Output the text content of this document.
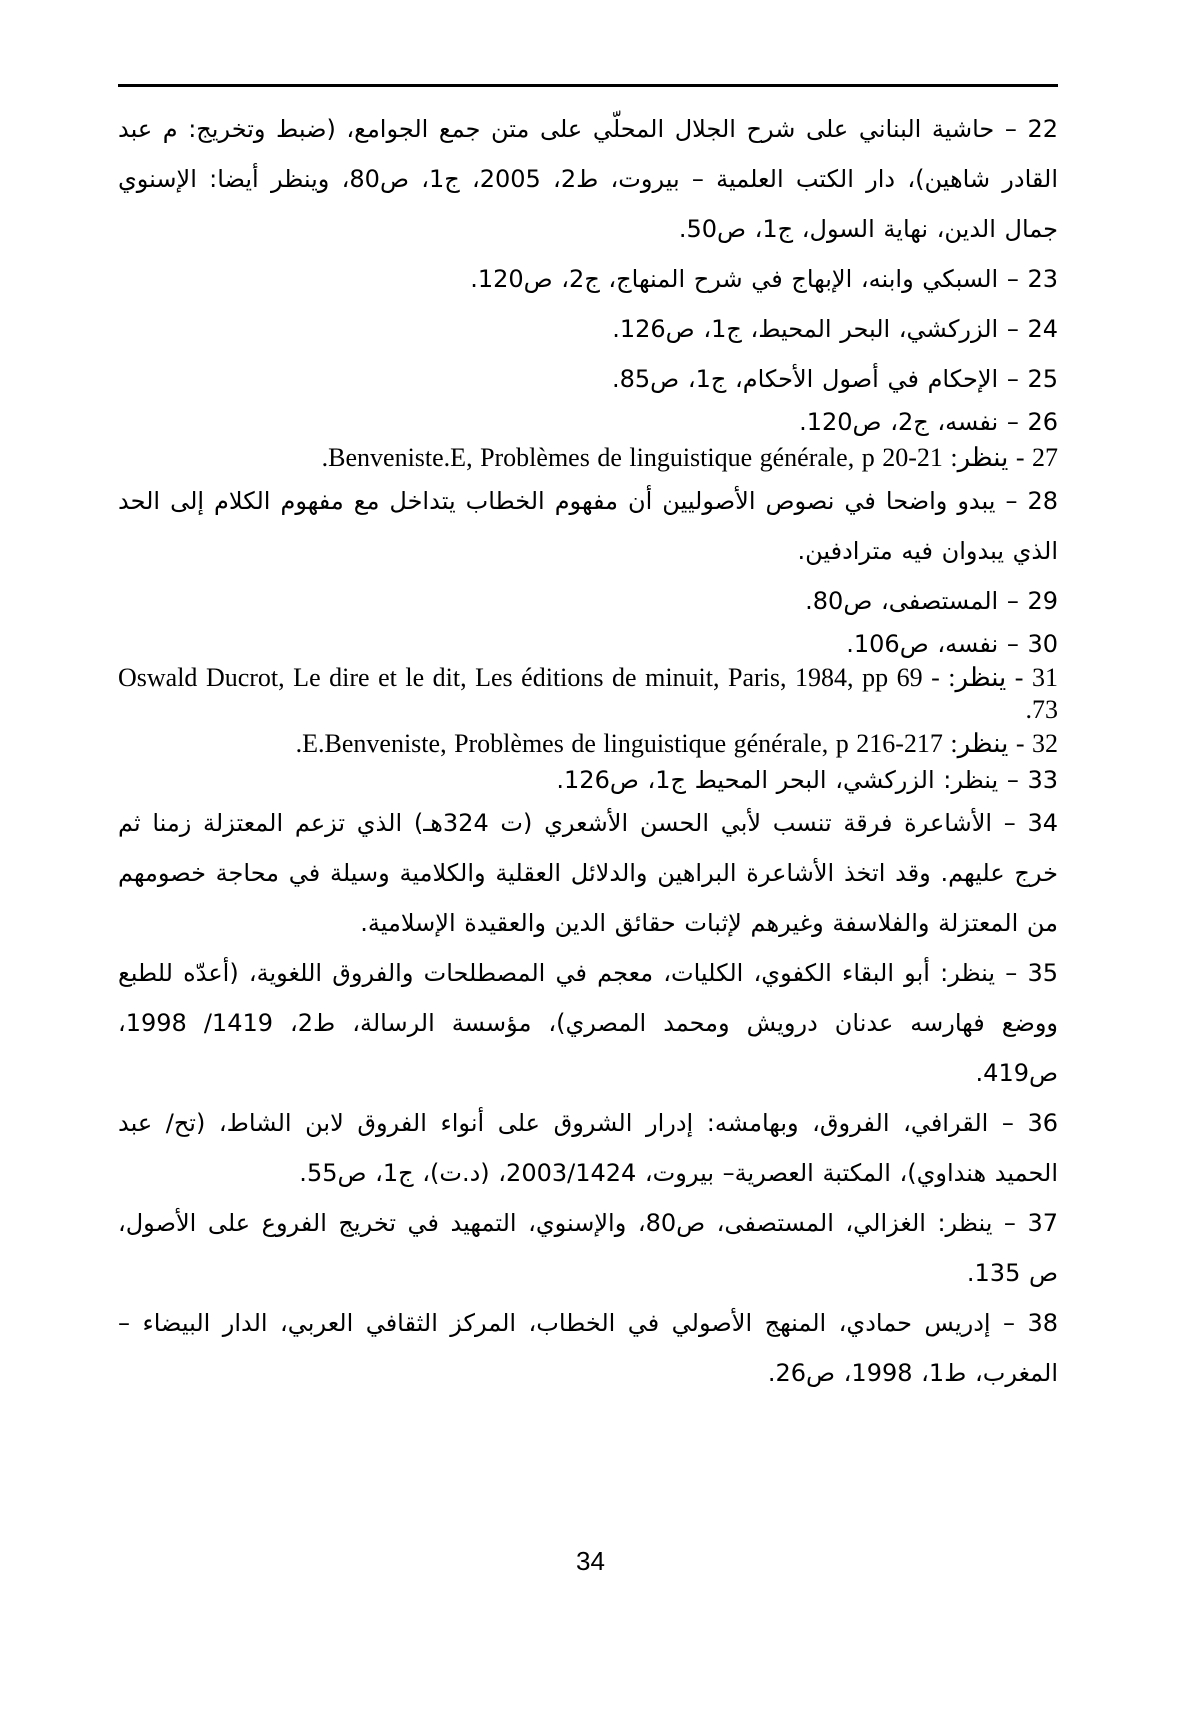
22 – حاشية البناني على شرح الجلال المحلّي على متن جمع الجوامع، (ضبط وتخريج: م عبد القادر شاهين)، دار الكتب العلمية – بيروت، ط2، 2005، ج1، ص80، وينظر أيضا: الإسنوي جمال الدين، نهاية السول، ج1، ص50.

23 – السبكي وابنه، الإبهاج في شرح المنهاج، ج2، ص120.

24 – الزركشي، البحر المحيط، ج1، ص126.

25 – الإحكام في أصول الأحكام، ج1، ص85.

26 – نفسه، ج2، ص120.

27 - ينظر: Benveniste.E, Problèmes de linguistique générale, p 20-21.

28 – يبدو واضحا في نصوص الأصوليين أن مفهوم الخطاب يتداخل مع مفهوم الكلام إلى الحد الذي يبدوان فيه مترادفين.

29 – المستصفى، ص80.

30 – نفسه، ص106.

31 - ينظر: Oswald Ducrot, Le dire et le dit, Les éditions de minuit, Paris, 1984, pp 69 - 73.

32 - ينظر: E.Benveniste, Problèmes de linguistique générale, p 216-217.

33 – ينظر: الزركشي، البحر المحيط ج1، ص126.

34 – الأشاعرة فرقة تنسب لأبي الحسن الأشعري (ت 324هـ) الذي تزعم المعتزلة زمنا ثم خرج عليهم. وقد اتخذ الأشاعرة البراهين والدلائل العقلية والكلامية وسيلة في محاجة خصومهم من المعتزلة والفلاسفة وغيرهم لإثبات حقائق الدين والعقيدة الإسلامية.

35 – ينظر: أبو البقاء الكفوي، الكليات، معجم في المصطلحات والفروق اللغوية، (أعدّه للطبع ووضع فهارسه عدنان درويش ومحمد المصري)، مؤسسة الرسالة، ط2، 1419/ 1998، ص419.

36 – القرافي، الفروق، وبهامشه: إدرار الشروق على أنواء الفروق لابن الشاط، (تح/ عبد الحميد هنداوي)، المكتبة العصرية– بيروت، 2003/1424، (د.ت)، ج1، ص55.

37 – ينظر: الغزالي، المستصفى، ص80، والإسنوي، التمهيد في تخريج الفروع على الأصول، ص 135.

38 – إدريس حمادي، المنهج الأصولي في الخطاب، المركز الثقافي العربي، الدار البيضاء – المغرب، ط1، 1998، ص26.

34
